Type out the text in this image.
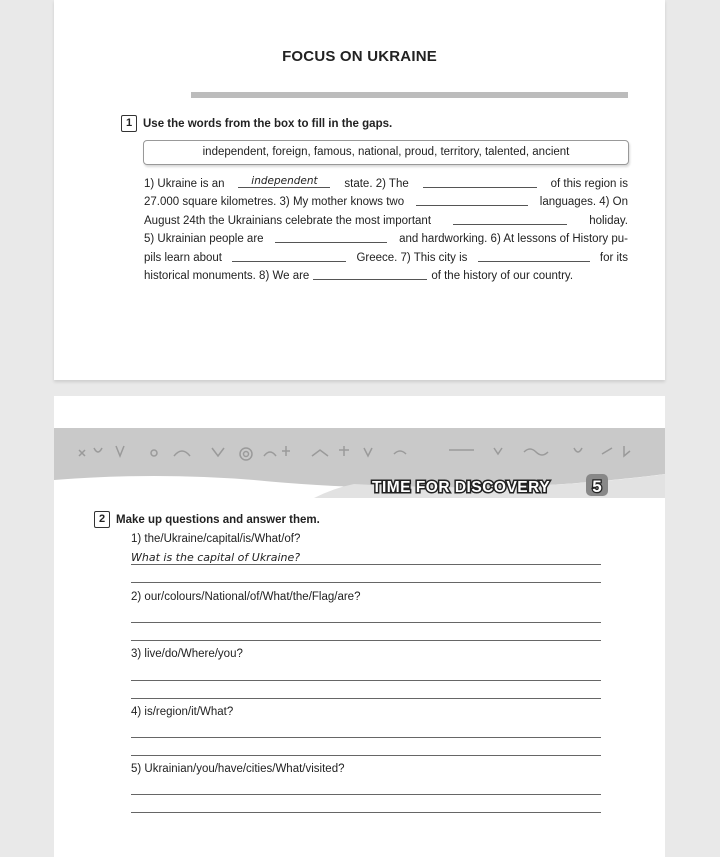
FOCUS ON UKRAINE
1 Use the words from the box to fill in the gaps.
independent, foreign, famous, national, proud, territory, talented, ancient
1) Ukraine is an	independent	state. 2) The	of this region is
27.000 square kilometres. 3) My mother knows two	languages. 4) On
August 24th the Ukrainians celebrate the most important	holiday.
5) Ukrainian people are	and hardworking. 6) At lessons of History pu-
pils learn about	Greece. 7) This city is	for its
historical monuments. 8) We are	of the history of our country.
TIME FOR DISCOVERY 5
2 Make up questions and answer them.
1) the/Ukraine/capital/is/What/of?
What is the capital of Ukraine?
2) our/colours/National/of/What/the/Flag/are?
3) live/do/Where/you?
4) is/region/it/What?
5) Ukrainian/you/have/cities/What/visited?
